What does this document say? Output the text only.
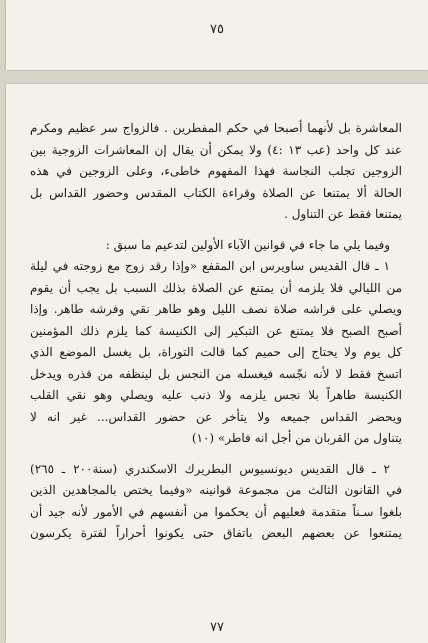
٧٥
المعاشرة بل لأنهما أصبحا في حكم المفطرين . فالزواج سر عظيم ومكرم
عند كل واحد (عب ١٣ :٤) ولا يمكن أن يقال إن المعاشرات الزوجية بين
الزوجين تجلب النجاسة فهذا المفهوم خاطىء، وعلى الزوجين في هذه
الحالة ألا يمتنعا عن الصلاة وقراءة الكتاب المقدس وحضور القداس بل
يمتنعا فقط عن التناول .
وفيما يلي ما جاء في قوانين الآباء الأولين لتدعيم ما سبق :
١ ـ قال القديس ساويرس ابن المقفع «وإذا رقد زوج مع زوجته في ليلة
من الليالي فلا يلزمه أن يمتنع عن الصلاة بذلك السبب بل يجب أن يقوم
ويصلي على فراشه صلاة نصف الليل وهو طاهر نقي وفرشه طاهر. وإذا
أصبح الصبح فلا يمتنع عن التبكير إلى الكنيسة كما يلزم ذلك المؤمنين
كل يوم ولا يحتاج إلى حميم كما قالت التوراة، بل يغسل الموضع الذي
اتسخ فقط لا لأنه نجّسه فيغسله من النجس بل لينظفه من قذره ويدخل
الكنيسة طاهراً بلا نجس يلزمه ولا ذنب عليه ويصلي وهو نقي القلب
ويحضر القداس جميعه ولا يتأخر عن حضور القداس... غير انه لا
يتناول من القربان من أجل انه فاطر» (١٠)
٢ ـ قال القديس ديونسيوس البطريرك الاسكندري (سنة٢٠٠ ـ ٢٦٥)
في القانون الثالث من مجموعة قوانينه «وفيما يختص بالمجاهدين الذين
بلغوا سـناً متقدمة فعليهم أن يحكموا من أنفسهم في الأمور لأنه جيد أن
يمتنعوا عن بعضهم البعض باتفاق حتى يكونوا أحراراً لفترة يكرسون
٧٧
